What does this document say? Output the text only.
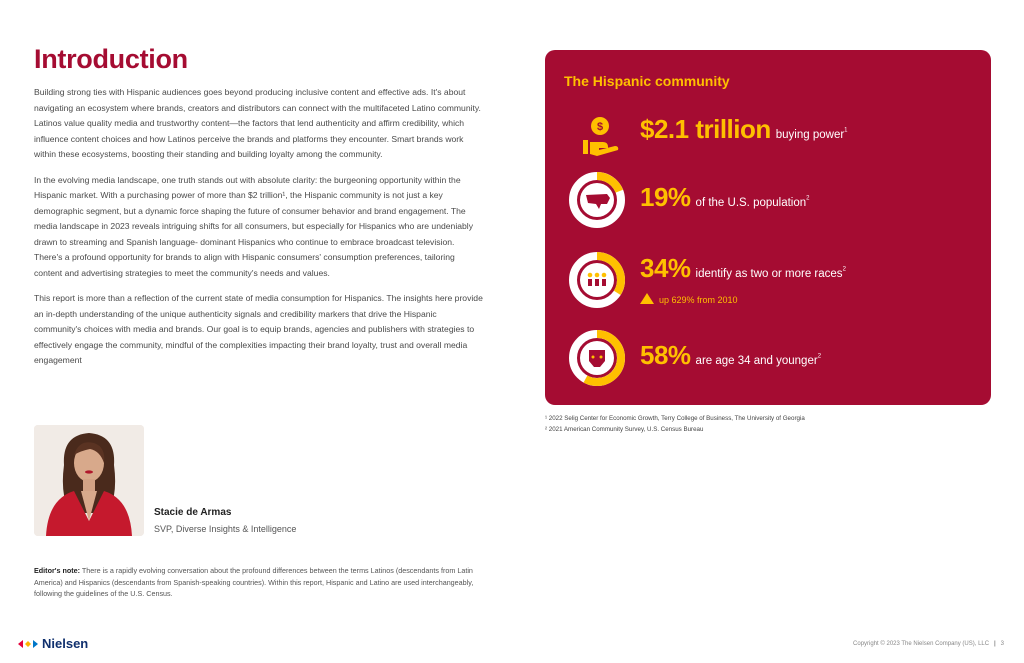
Introduction

Building strong ties with Hispanic audiences goes beyond producing inclusive content and effective ads. It's about navigating an ecosystem where brands, creators and distributors can connect with the multifaceted Latino community. Latinos value quality media and trustworthy content—the factors that lend authenticity and affirm credibility, which influence content choices and how Latinos perceive the brands and platforms they encounter. Smart brands work within these ecosystems, boosting their standing and building loyalty among the community.

In the evolving media landscape, one truth stands out with absolute clarity: the burgeoning opportunity within the Hispanic market. With a purchasing power of more than $2 trillion¹, the Hispanic community is not just a key demographic segment, but a dynamic force shaping the future of consumer behavior and brand engagement. The media landscape in 2023 reveals intriguing shifts for all consumers, but especially for Hispanics who are undeniably drawn to streaming and Spanish language- dominant Hispanics who continue to embrace broadcast television. There's a profound opportunity for brands to align with Hispanic consumers' consumption preferences, tailoring content and advertising strategies to meet the community's needs and values.

This report is more than a reflection of the current state of media consumption for Hispanics. The insights here provide an in-depth understanding of the unique authenticity signals and credibility markers that drive the Hispanic community's choices with media and brands. Our goal is to equip brands, agencies and publishers with strategies to effectively engage the community, mindful of the complexities impacting their brand loyalty, trust and overall media engagement

Stacie de Armas
SVP, Diverse Insights & Intelligence
Editor's note: There is a rapidly evolving conversation about the profound differences between the terms Latinos (descendants from Latin America) and Hispanics (descendants from Spanish-speaking countries). Within this report, Hispanic and Latino are used interchangeably, following the guidelines of the U.S. Census.
The Hispanic community
$ $2.1 trillion buying power$^1$
19% of the U.S. population$^2$
34% identify as two or more races$^2$
up 629% from 2010
58% are age 34 and younger$^2$
¹ 2022 Selig Center for Economic Growth, Terry College of Business, The University of Georgia
² 2021 American Community Survey, U.S. Census Bureau
Nielsen	Copyright © 2023 The Nielsen Company (US), LLC | 3
